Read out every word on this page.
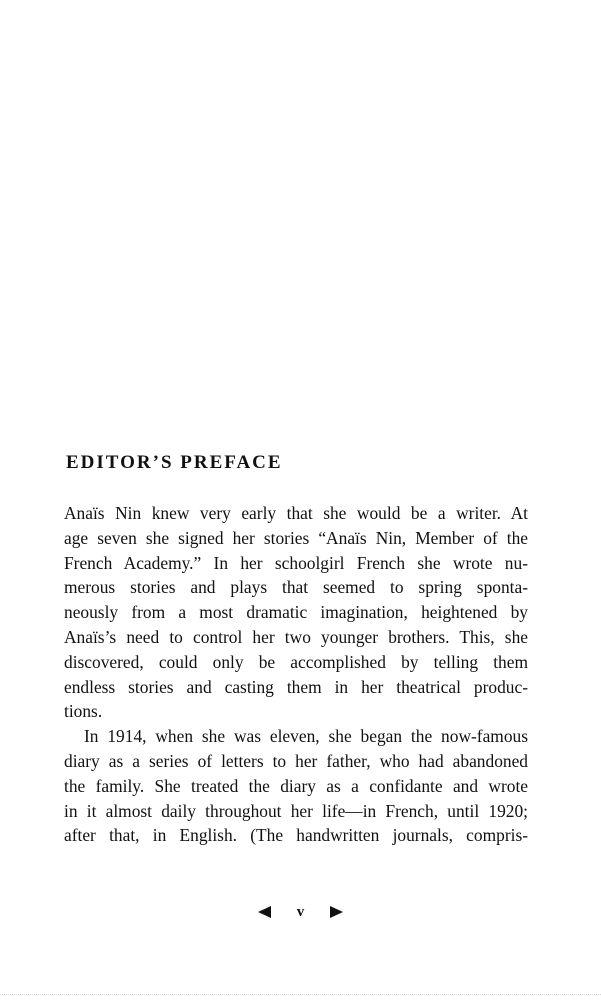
EDITOR’S PREFACE
Anaïs Nin knew very early that she would be a writer. At
age seven she signed her stories “Anaïs Nin, Member of the
French Academy.” In her schoolgirl French she wrote nu-
merous stories and plays that seemed to spring sponta-
neously from a most dramatic imagination, heightened by
Anaïs’s need to control her two younger brothers. This, she
discovered, could only be accomplished by telling them
endless stories and casting them in her theatrical produc-
tions.
In 1914, when she was eleven, she began the now-famous
diary as a series of letters to her father, who had abandoned
the family. She treated the diary as a confidante and wrote
in it almost daily throughout her life—in French, until 1920;
after that, in English. (The handwritten journals, compris-
v
